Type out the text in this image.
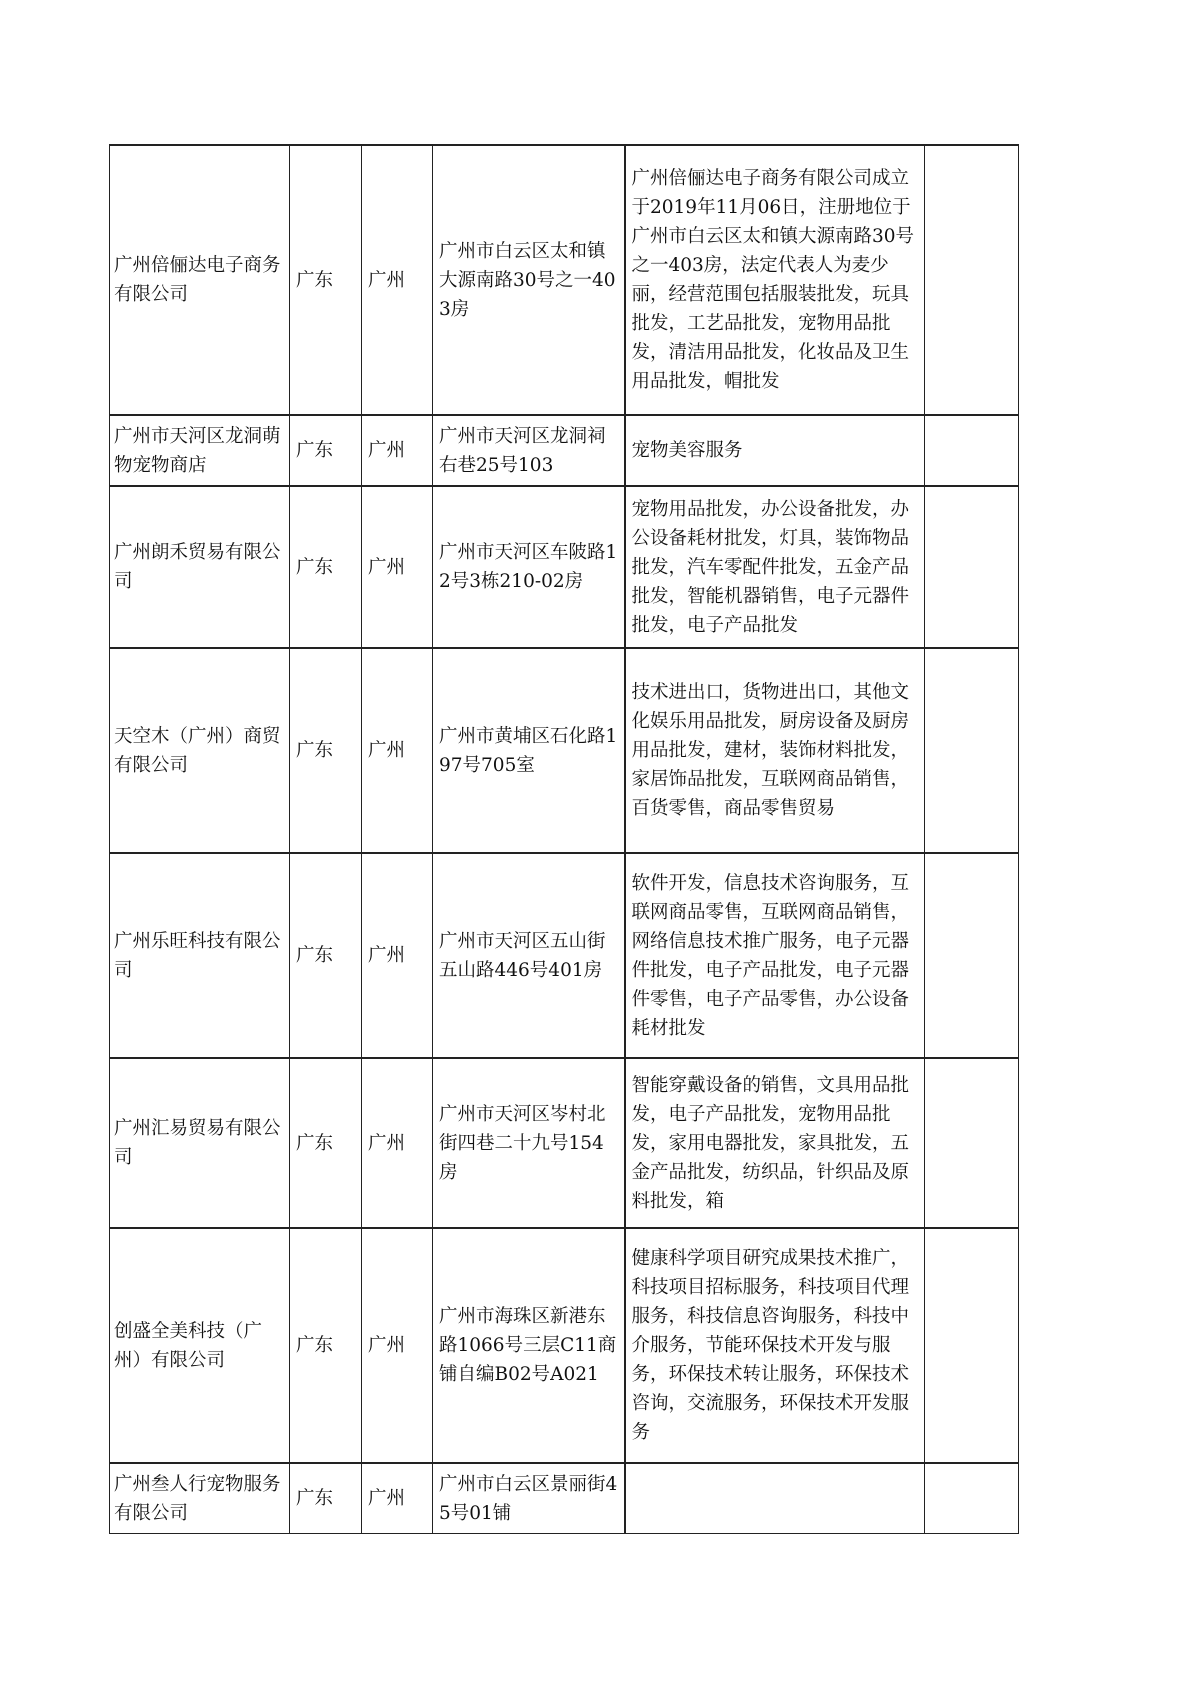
广州倍俪达电子商务有限公司	广东	广州	广州市白云区太和镇大源南路30号之一403房	广州倍俪达电子商务有限公司成立于2019年11月06日，注册地位于广州市白云区太和镇大源南路30号之一403房，法定代表人为麦少丽，经营范围包括服装批发，玩具批发，工艺品批发，宠物用品批发，清洁用品批发，化妆品及卫生用品批发，帽批发	
广州市天河区龙洞萌物宠物商店	广东	广州	广州市天河区龙洞祠右巷25号103	宠物美容服务	
广州朗禾贸易有限公司	广东	广州	广州市天河区车陂路12号3栋210-02房	宠物用品批发，办公设备批发，办公设备耗材批发，灯具，装饰物品批发，汽车零配件批发，五金产品批发，智能机器销售，电子元器件批发，电子产品批发	
天空木（广州）商贸有限公司	广东	广州	广州市黄埔区石化路197号705室	技术进出口，货物进出口，其他文化娱乐用品批发，厨房设备及厨房用品批发，建材，装饰材料批发，家居饰品批发，互联网商品销售，百货零售，商品零售贸易	
广州乐旺科技有限公司	广东	广州	广州市天河区五山街五山路446号401房	软件开发，信息技术咨询服务，互联网商品零售，互联网商品销售，网络信息技术推广服务，电子元器件批发，电子产品批发，电子元器件零售，电子产品零售，办公设备耗材批发	
广州汇易贸易有限公司	广东	广州	广州市天河区岑村北街四巷二十九号154房	智能穿戴设备的销售，文具用品批发，电子产品批发，宠物用品批发，家用电器批发，家具批发，五金产品批发，纺织品，针织品及原料批发，箱	
创盛全美科技（广州）有限公司	广东	广州	广州市海珠区新港东路1066号三层C11商铺自编B02号A021	健康科学项目研究成果技术推广，科技项目招标服务，科技项目代理服务，科技信息咨询服务，科技中介服务，节能环保技术开发与服务，环保技术转让服务，环保技术咨询，交流服务，环保技术开发服务	
广州叁人行宠物服务有限公司	广东	广州	广州市白云区景丽街45号01铺		
